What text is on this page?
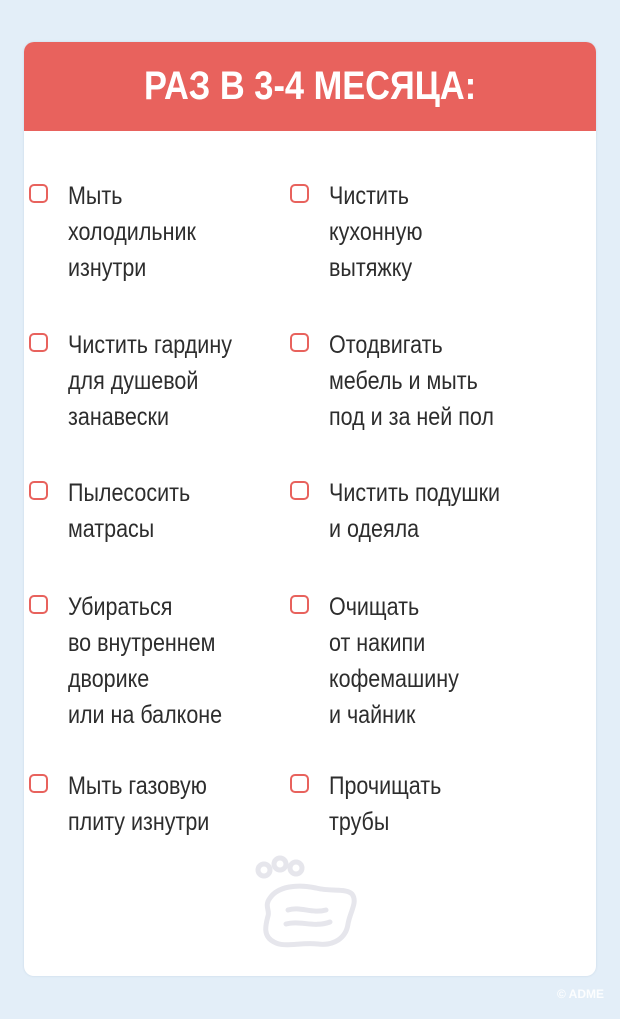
РАЗ В 3-4 МЕСЯЦА:
Мыть
холодильник
изнутри
Чистить
кухонную
вытяжку
Чистить гардину
для душевой
занавески
Отодвигать
мебель и мыть
под и за ней пол
Пылесосить
матрасы
Чистить подушки
и одеяла
Убираться
во внутреннем
дворике
или на балконе
Очищать
от накипи
кофемашину
и чайник
Мыть газовую
плиту изнутри
Прочищать
трубы
© ADME
